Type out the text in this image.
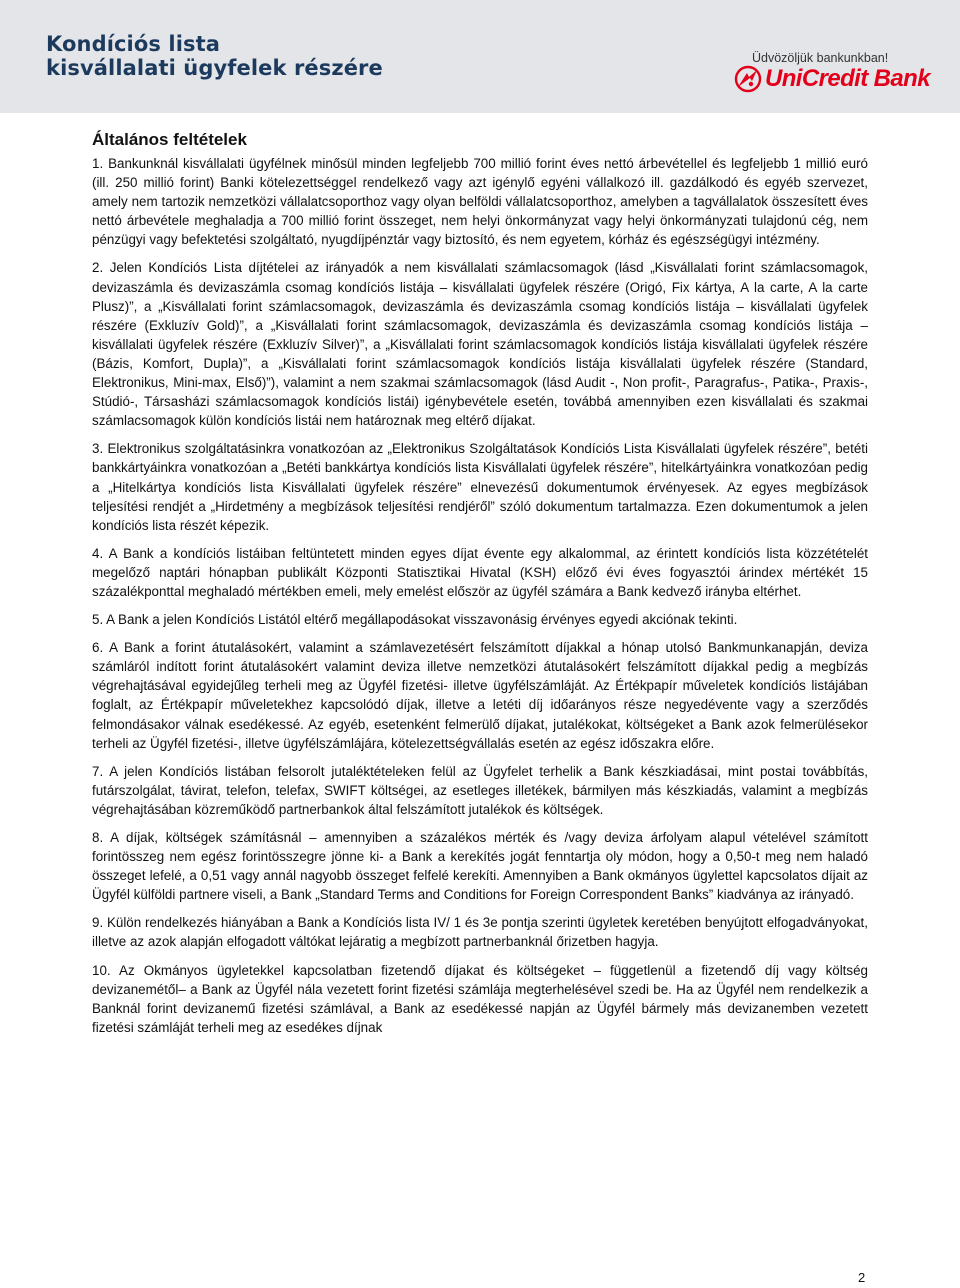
Kondíciós lista
kisvállalati ügyfelek részére	Üdvözöljük bankunkban!
UniCredit Bank
Általános feltételek

1. Bankunknál kisvállalati ügyfélnek minősül minden legfeljebb 700 millió forint éves nettó árbevétellel és legfeljebb 1 millió euró (ill. 250 millió forint) Banki kötelezettséggel rendelkező vagy azt igénylő egyéni vállalkozó ill. gazdálkodó és egyéb szervezet, amely nem tartozik nemzetközi vállalatcsoporthoz vagy olyan belföldi vállalatcsoporthoz, amelyben a tagvállalatok összesített éves nettó árbevétele meghaladja a 700 millió forint összeget, nem helyi önkormányzat vagy helyi önkormányzati tulajdonú cég, nem pénzügyi vagy befektetési szolgáltató, nyugdíjpénztár vagy biztosító, és nem egyetem, kórház és egészségügyi intézmény.

2. Jelen Kondíciós Lista díjtételei az irányadók a nem kisvállalati számlacsomagok (lásd „Kisvállalati forint számlacsomagok, devizaszámla és devizaszámla csomag kondíciós listája – kisvállalati ügyfelek részére (Origó, Fix kártya, A la carte, A la carte Plusz)”, a „Kisvállalati forint számlacsomagok, devizaszámla és devizaszámla csomag kondíciós listája – kisvállalati ügyfelek részére (Exkluzív Gold)”, a „Kisvállalati forint számlacsomagok, devizaszámla és devizaszámla csomag kondíciós listája – kisvállalati ügyfelek részére (Exkluzív Silver)”, a „Kisvállalati forint számlacsomagok kondíciós listája kisvállalati ügyfelek részére (Bázis, Komfort, Dupla)”, a „Kisvállalati forint számlacsomagok kondíciós listája kisvállalati ügyfelek részére (Standard, Elektronikus, Mini-max, Első)”), valamint a nem szakmai számlacsomagok (lásd Audit -, Non profit-, Paragrafus-, Patika-, Praxis-, Stúdió-, Társasházi számlacsomagok kondíciós listái) igénybevétele esetén, továbbá amennyiben ezen kisvállalati és szakmai számlacsomagok külön kondíciós listái nem határoznak meg eltérő díjakat.

3. Elektronikus szolgáltatásinkra vonatkozóan az „Elektronikus Szolgáltatások Kondíciós Lista Kisvállalati ügyfelek részére”, betéti bankkártyáinkra vonatkozóan a „Betéti bankkártya kondíciós lista Kisvállalati ügyfelek részére”, hitelkártyáinkra vonatkozóan pedig a „Hitelkártya kondíciós lista Kisvállalati ügyfelek részére” elnevezésű dokumentumok érvényesek. Az egyes megbízások teljesítési rendjét a „Hirdetmény a megbízások teljesítési rendjéről” szóló dokumentum tartalmazza. Ezen dokumentumok a jelen kondíciós lista részét képezik.

4. A Bank a kondíciós listáiban feltüntetett minden egyes díjat évente egy alkalommal, az érintett kondíciós lista közzétételét megelőző naptári hónapban publikált Központi Statisztikai Hivatal (KSH) előző évi éves fogyasztói árindex mértékét 15 százalékponttal meghaladó mértékben emeli, mely emelést először az ügyfél számára a Bank kedvező irányba eltérhet.

5. A Bank a jelen Kondíciós Listától eltérő megállapodásokat visszavonásig érvényes egyedi akciónak tekinti.

6. A Bank a forint átutalásokért, valamint a számlavezetésért felszámított díjakkal a hónap utolsó Bankmunkanapján, deviza számláról indított forint átutalásokért valamint deviza illetve nemzetközi átutalásokért felszámított díjakkal pedig a megbízás végrehajtásával egyidejűleg terheli meg az Ügyfél fizetési- illetve ügyfélszámláját. Az Értékpapír műveletek kondíciós listájában foglalt, az Értékpapír műveletekhez kapcsolódó díjak, illetve a letéti díj időarányos része negyedévente vagy a szerződés felmondásakor válnak esedékessé. Az egyéb, esetenként felmerülő díjakat, jutalékokat, költségeket a Bank azok felmerülésekor terheli az Ügyfél fizetési-, illetve ügyfélszámlájára, kötelezettségvállalás esetén az egész időszakra előre.

7. A jelen Kondíciós listában felsorolt jutaléktételeken felül az Ügyfelet terhelik a Bank készkiadásai, mint postai továbbítás, futárszolgálat, távirat, telefon, telefax, SWIFT költségei, az esetleges illetékek, bármilyen más készkiadás, valamint a megbízás végrehajtásában közreműködő partnerbankok által felszámított jutalékok és költségek.

8. A díjak, költségek számításnál – amennyiben a százalékos mérték és /vagy deviza árfolyam alapul vételével számított forintösszeg nem egész forintösszegre jönne ki- a Bank a kerekítés jogát fenntartja oly módon, hogy a 0,50-t meg nem haladó összeget lefelé, a 0,51 vagy annál nagyobb összeget felfelé kerekíti. Amennyiben a Bank okmányos ügylettel kapcsolatos díjait az Ügyfél külföldi partnere viseli, a Bank „Standard Terms and Conditions for Foreign Correspondent Banks” kiadványa az irányadó.

9. Külön rendelkezés hiányában a Bank a Kondíciós lista IV/ 1 és 3e pontja szerinti ügyletek keretében benyújtott elfogadványokat, illetve az azok alapján elfogadott váltókat lejáratig a megbízott partnerbanknál őrizetben hagyja.

10. Az Okmányos ügyletekkel kapcsolatban fizetendő díjakat és költségeket – függetlenül a fizetendő díj vagy költség devizanemétől– a Bank az Ügyfél nála vezetett forint fizetési számlája megterhelésével szedi be. Ha az Ügyfél nem rendelkezik a Banknál forint devizanemű fizetési számlával, a Bank az esedékessé napján az Ügyfél bármely más devizanemben vezetett fizetési számláját terheli meg az esedékes díjnak

2
